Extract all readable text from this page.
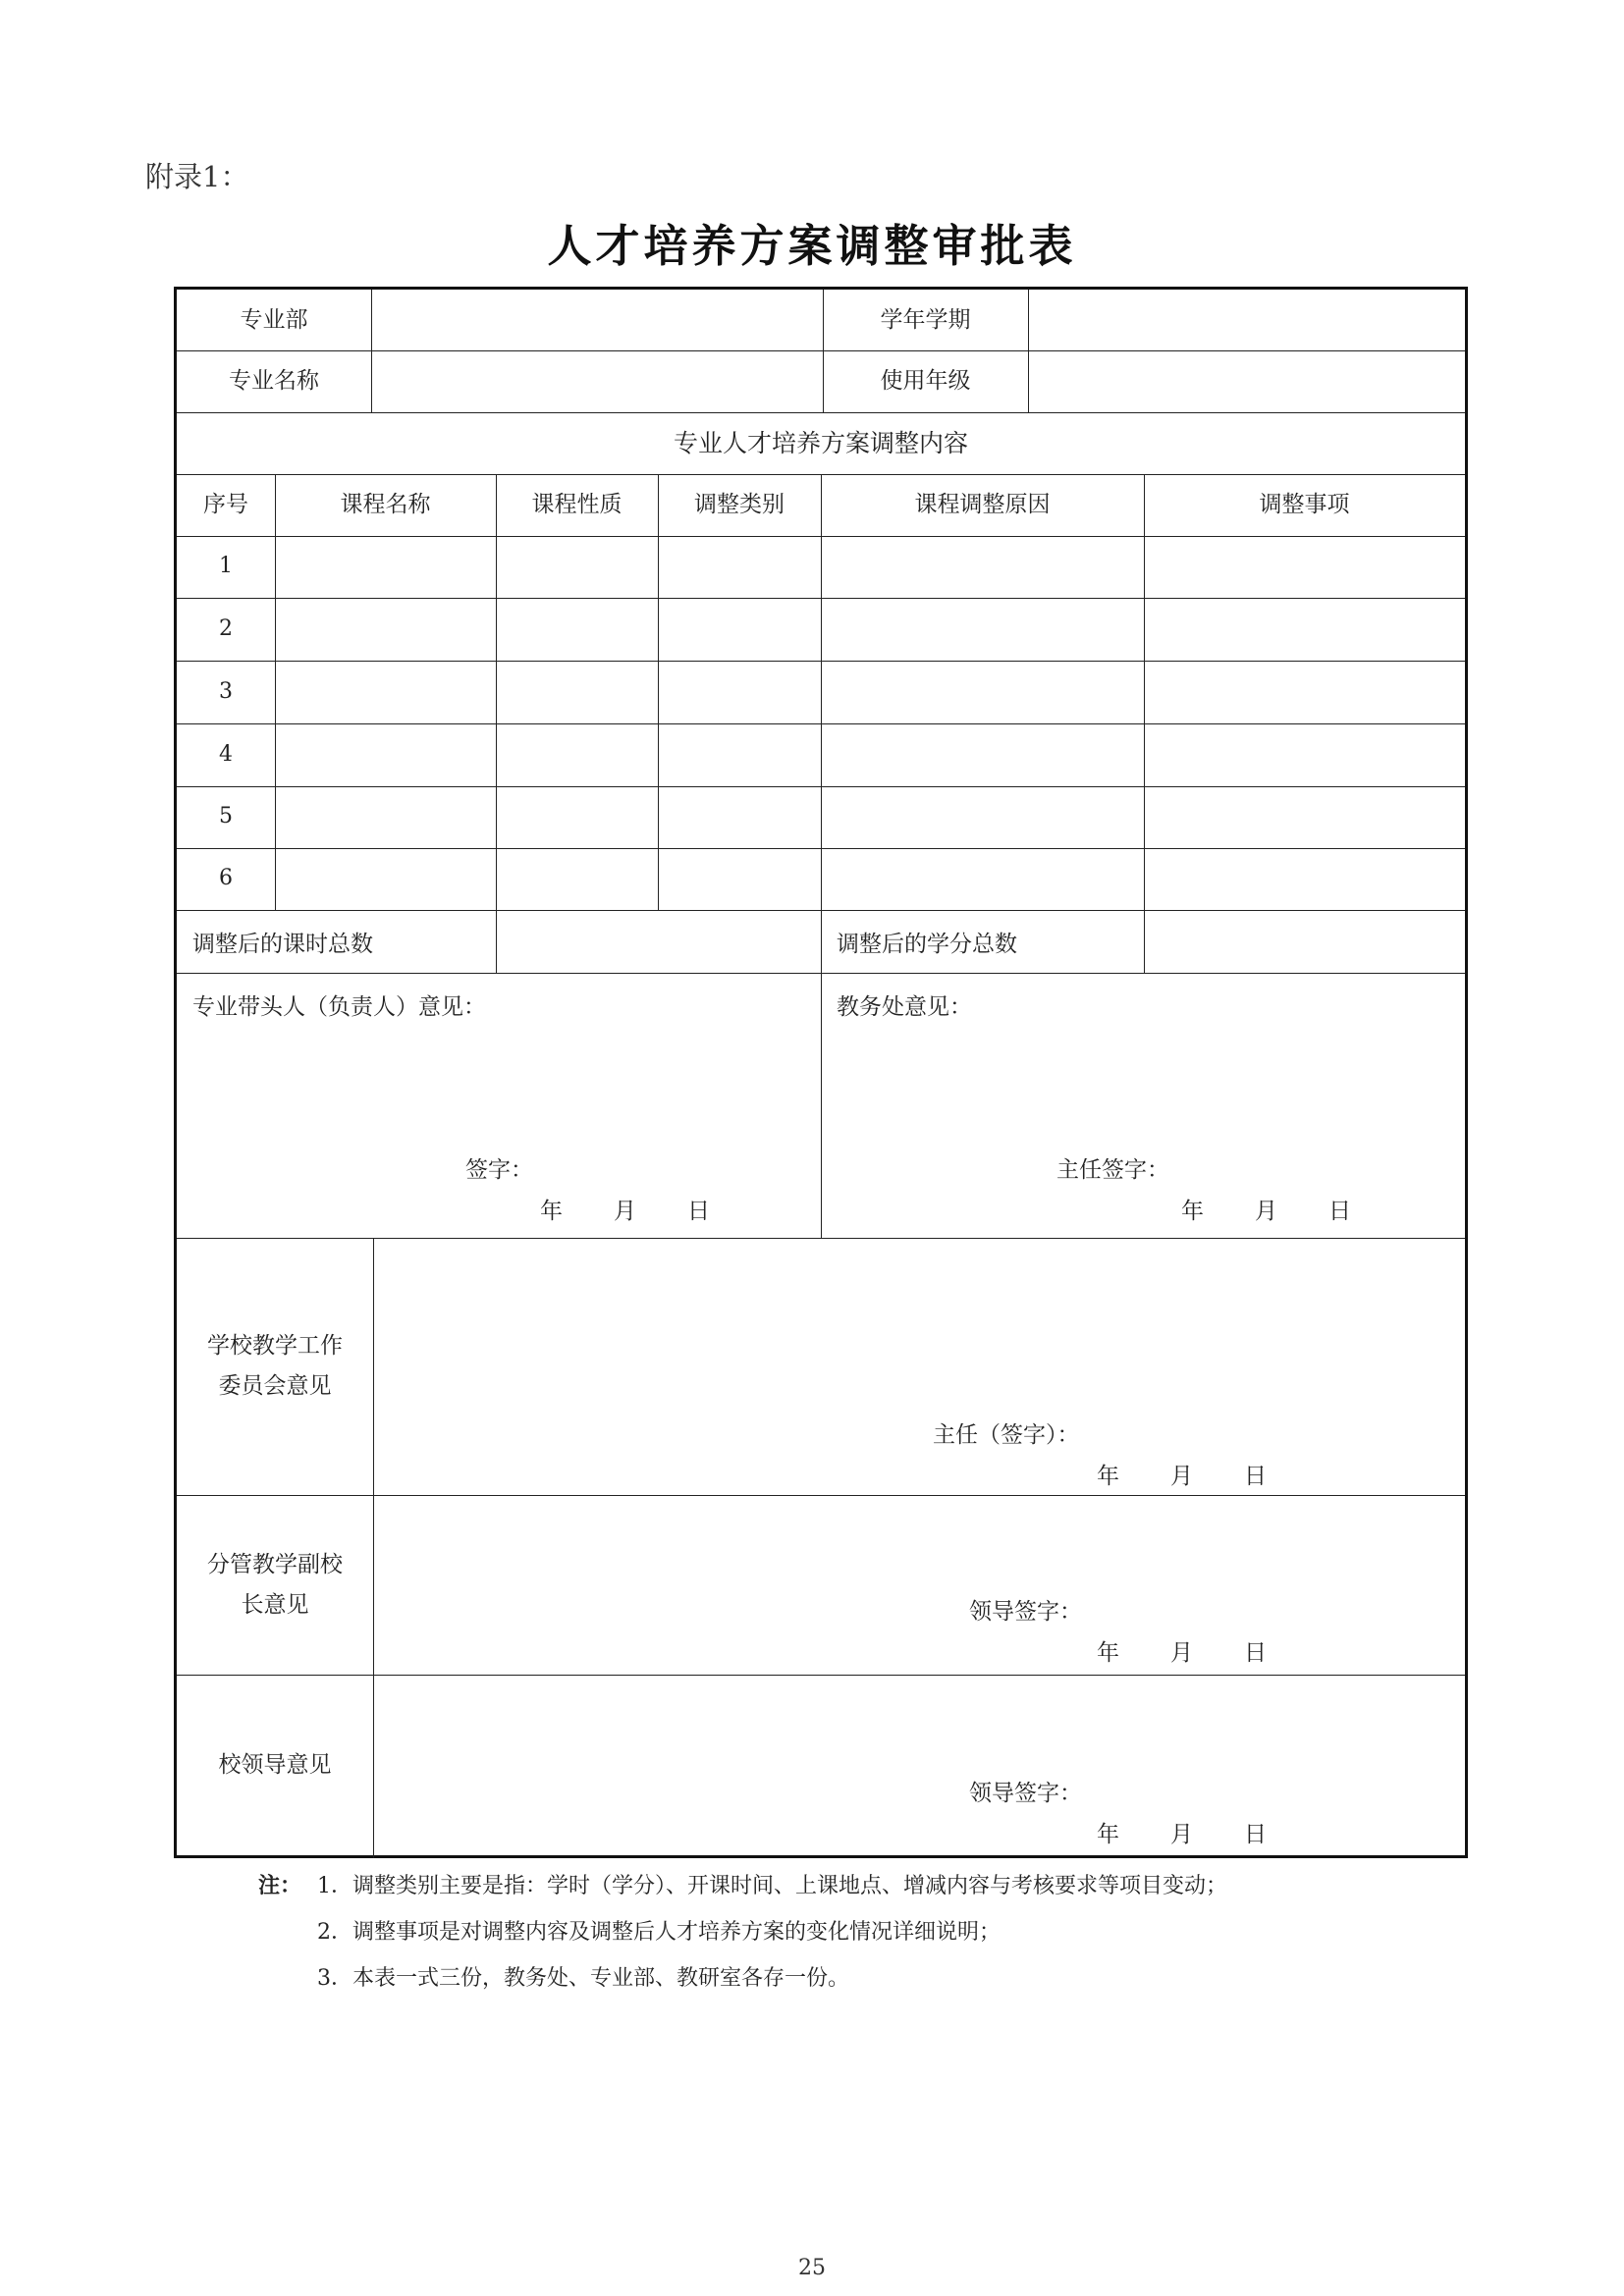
附录1：
人才培养方案调整审批表
专业部	学年学期
专业名称	使用年级
专业人才培养方案调整内容
序号	课程名称	课程性质	调整类别	课程调整原因	调整事项
1
2
3
4
5
6
调整后的课时总数	调整后的学分总数
专业带头人（负责人）意见：
签字：
年 月 日
教务处意见：
主任签字：
年 月 日
学校教学工作委员会意见
主任（签字）：
年 月 日
分管教学副校长意见	领导签字：
年 月 日
校领导意见
领导签字：
年 月 日
注： 1．调整类别主要是指：学时（学分）、开课时间、上课地点、增减内容与考核要求等项目变动；
2．调整事项是对调整内容及调整后人才培养方案的变化情况详细说明；
3．本表一式三份，教务处、专业部、教研室各存一份。
25
